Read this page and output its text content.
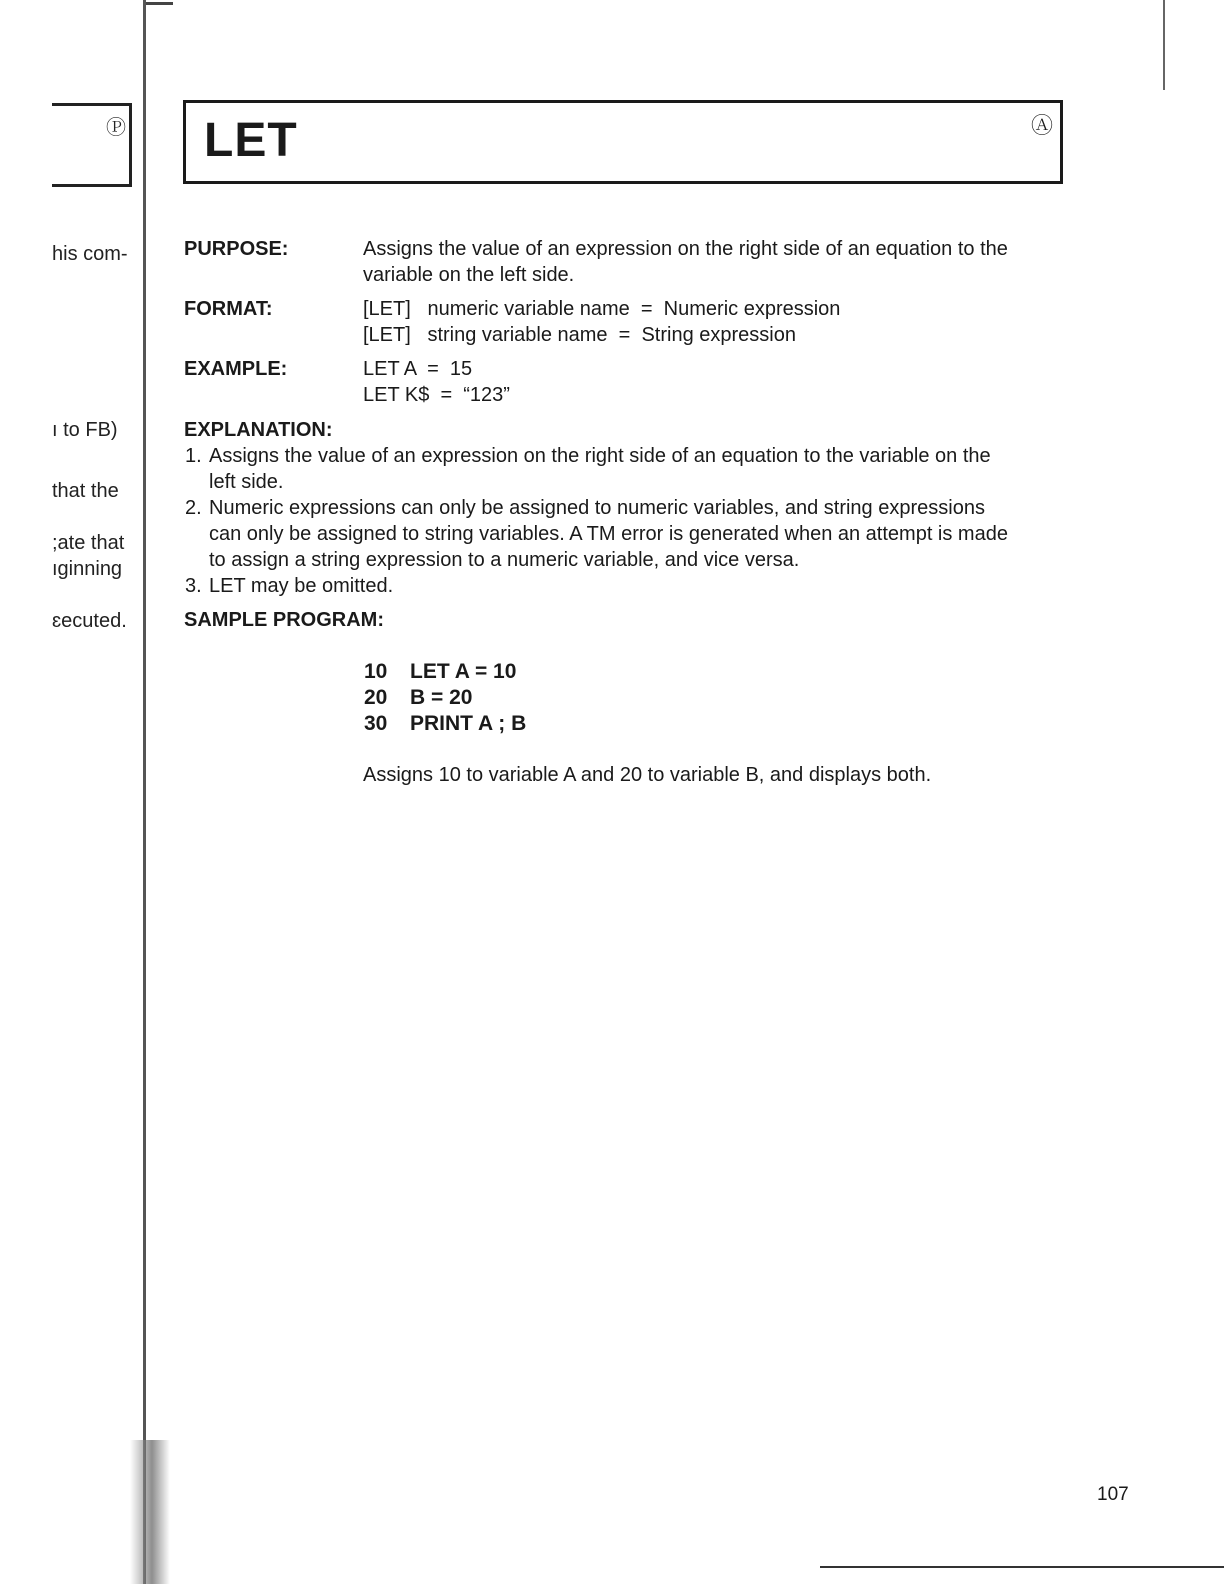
Ⓟ
his com-
ı to FB)
that the
;ate that
ıginning
ɛecuted.
LET	Ⓐ
PURPOSE:	Assigns the value of an expression on the right side of an equation to the
variable on the left side.
FORMAT:	[LET]   numeric variable name  =  Numeric expression
[LET]   string variable name  =  String expression
EXAMPLE:	LET A  =  15
LET K$  =  “123”
EXPLANATION:
1. Assigns the value of an expression on the right side of an equation to the variable on the
left side.
2. Numeric expressions can only be assigned to numeric variables, and string expressions
can only be assigned to string variables. A TM error is generated when an attempt is made
to assign a string expression to a numeric variable, and vice versa.
3. LET may be omitted.
SAMPLE PROGRAM:
10 LET A = 10
20 B = 20
30 PRINT A ; B
Assigns 10 to variable A and 20 to variable B, and displays both.
107
